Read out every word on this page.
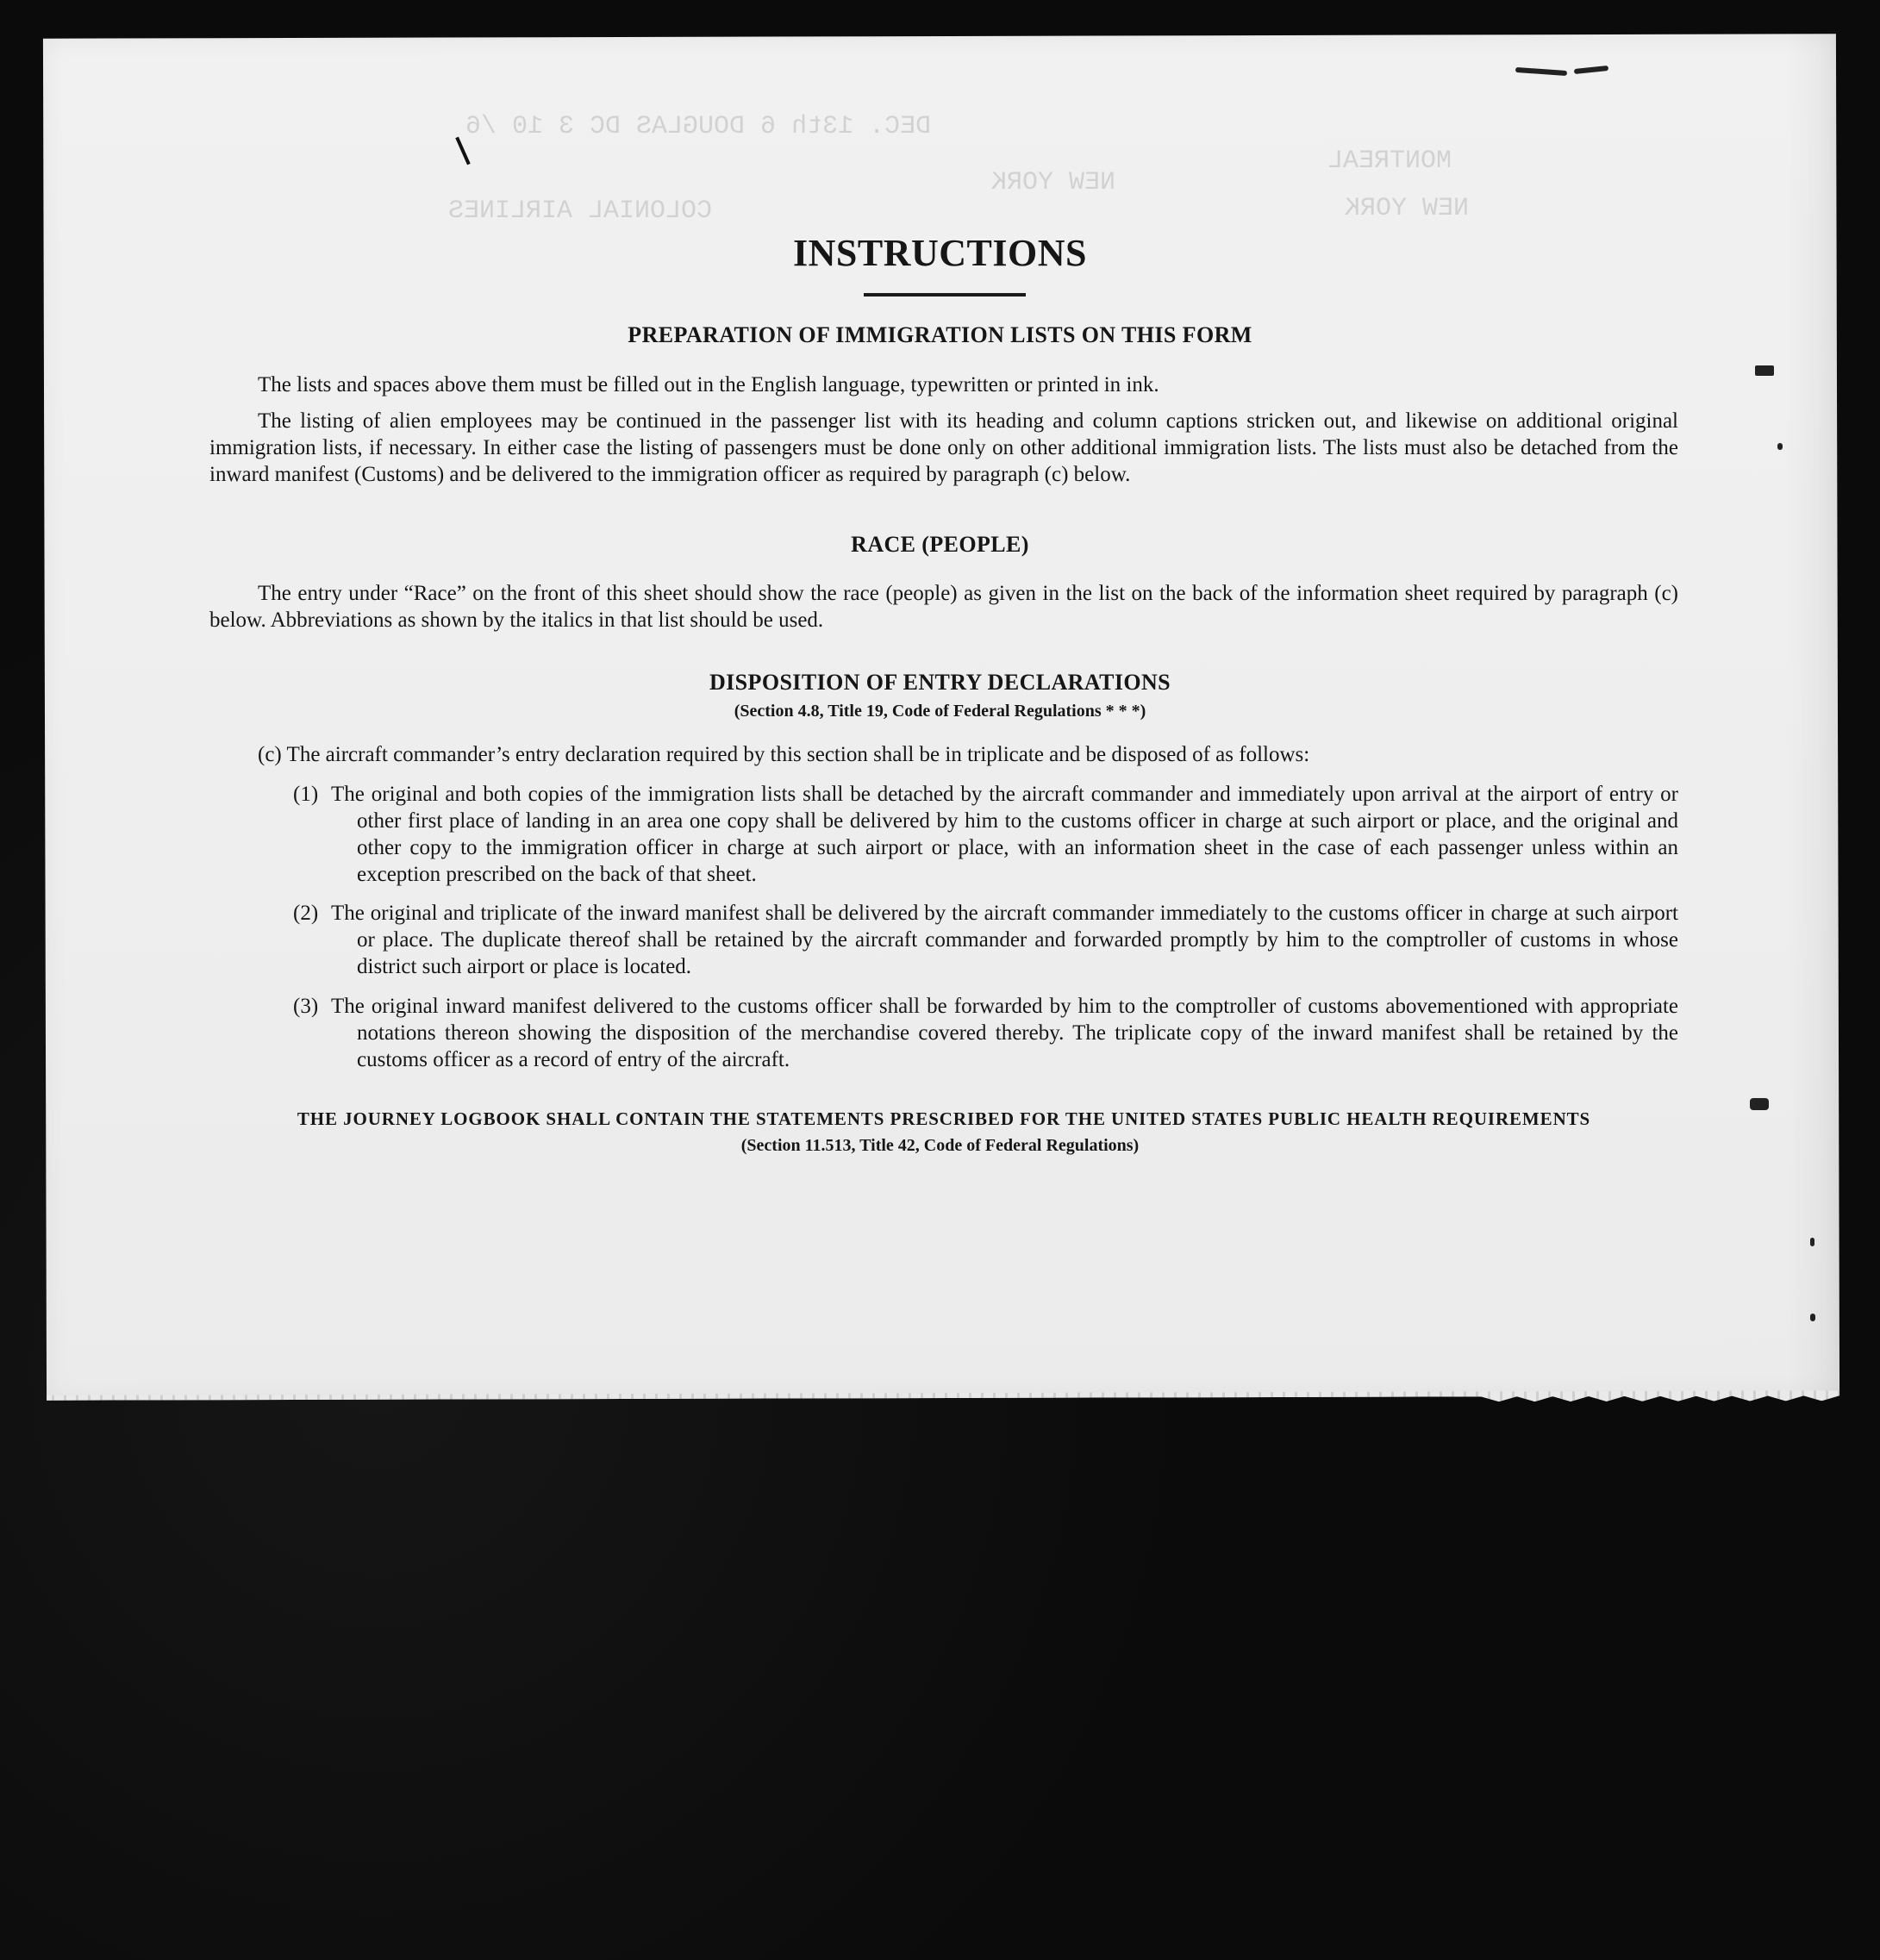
DEC. 13th 6 DOUGLAS DC 3 10 /6
NEW YORK
COLONIAL AIRLINES
MONTREAL
NEW YORK
INSTRUCTIONS
PREPARATION OF IMMIGRATION LISTS ON THIS FORM

The lists and spaces above them must be filled out in the English language, typewritten or printed in ink.

The listing of alien employees may be continued in the passenger list with its heading and column captions stricken out, and likewise on additional original immigration lists, if necessary. In either case the listing of passengers must be done only on other additional immigration lists. The lists must also be detached from the inward manifest (Customs) and be delivered to the immigration officer as required by paragraph (c) below.

RACE (PEOPLE)

The entry under “Race” on the front of this sheet should show the race (people) as given in the list on the back of the information sheet required by paragraph (c) below. Abbreviations as shown by the italics in that list should be used.

DISPOSITION OF ENTRY DECLARATIONS

(Section 4.8, Title 19, Code of Federal Regulations * * *)

(c) The aircraft commander’s entry declaration required by this section shall be in triplicate and be disposed of as follows:

(1) The original and both copies of the immigration lists shall be detached by the aircraft commander and immediately upon arrival at the airport of entry or other first place of landing in an area one copy shall be delivered by him to the customs officer in charge at such airport or place, and the original and other copy to the immigration officer in charge at such airport or place, with an information sheet in the case of each passenger unless within an exception prescribed on the back of that sheet.

(2) The original and triplicate of the inward manifest shall be delivered by the aircraft commander immediately to the customs officer in charge at such airport or place. The duplicate thereof shall be retained by the aircraft commander and forwarded promptly by him to the comptroller of customs in whose district such airport or place is located.

(3) The original inward manifest delivered to the customs officer shall be forwarded by him to the comptroller of customs abovementioned with appropriate notations thereon showing the disposition of the merchandise covered thereby. The triplicate copy of the inward manifest shall be retained by the customs officer as a record of entry of the aircraft.

THE JOURNEY LOGBOOK SHALL CONTAIN THE STATEMENTS PRESCRIBED FOR THE UNITED STATES PUBLIC HEALTH REQUIREMENTS

(Section 11.513, Title 42, Code of Federal Regulations)
